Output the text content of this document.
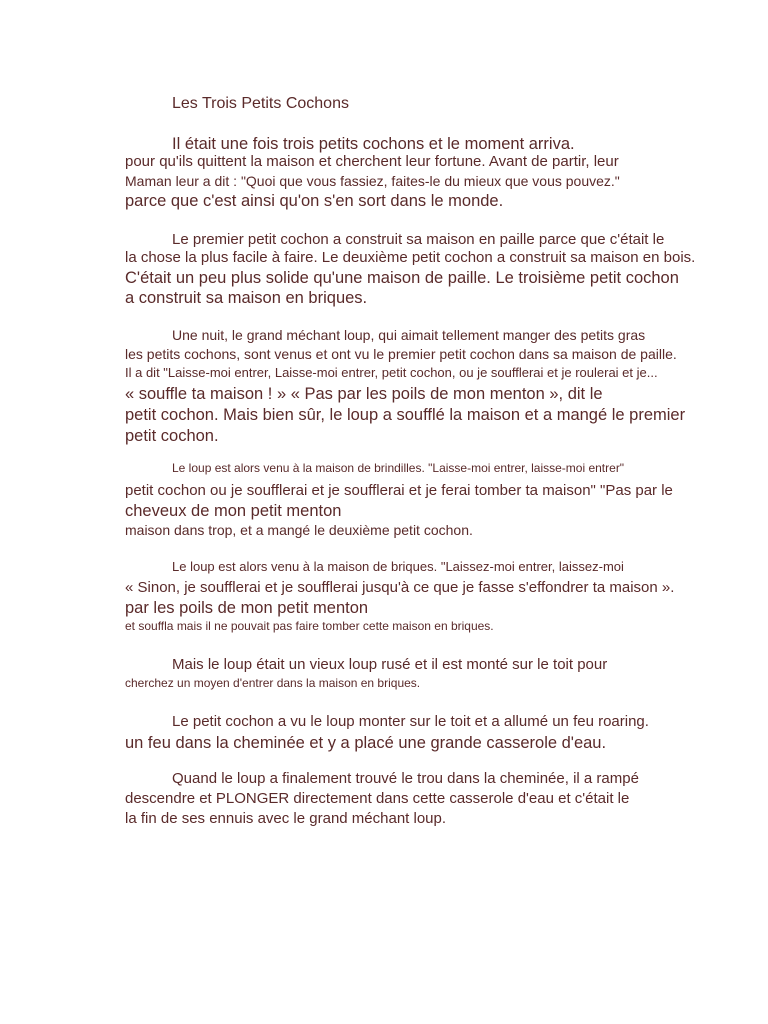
Les Trois Petits Cochons
Il était une fois trois petits cochons et le moment arriva.
pour qu'ils quittent la maison et cherchent leur fortune. Avant de partir, leur
Maman leur a dit : "Quoi que vous fassiez, faites-le du mieux que vous pouvez."
parce que c'est ainsi qu'on s'en sort dans le monde.
Le premier petit cochon a construit sa maison en paille parce que c'était le
la chose la plus facile à faire. Le deuxième petit cochon a construit sa maison en bois.
C'était un peu plus solide qu'une maison de paille. Le troisième petit cochon
a construit sa maison en briques.
Une nuit, le grand méchant loup, qui aimait tellement manger des petits gras
les petits cochons, sont venus et ont vu le premier petit cochon dans sa maison de paille.
Il a dit "Laisse-moi entrer, Laisse-moi entrer, petit cochon, ou je soufflerai et je roulerai et je...
« souffle ta maison ! » « Pas par les poils de mon menton », dit le
petit cochon. Mais bien sûr, le loup a soufflé la maison et a mangé le premier
petit cochon.
Le loup est alors venu à la maison de brindilles. "Laisse-moi entrer, laisse-moi entrer"
petit cochon ou je soufflerai et je soufflerai et je ferai tomber ta maison" "Pas par le
cheveux de mon petit menton
maison dans trop, et a mangé le deuxième petit cochon.
Le loup est alors venu à la maison de briques. "Laissez-moi entrer, laissez-moi
« Sinon, je soufflerai et je soufflerai jusqu'à ce que je fasse s'effondrer ta maison ».
par les poils de mon petit menton
et souffla mais il ne pouvait pas faire tomber cette maison en briques.
Mais le loup était un vieux loup rusé et il est monté sur le toit pour
cherchez un moyen d'entrer dans la maison en briques.
Le petit cochon a vu le loup monter sur le toit et a allumé un feu roaring.
un feu dans la cheminée et y a placé une grande casserole d'eau.
Quand le loup a finalement trouvé le trou dans la cheminée, il a rampé
descendre et PLONGER directement dans cette casserole d'eau et c'était le
la fin de ses ennuis avec le grand méchant loup.
